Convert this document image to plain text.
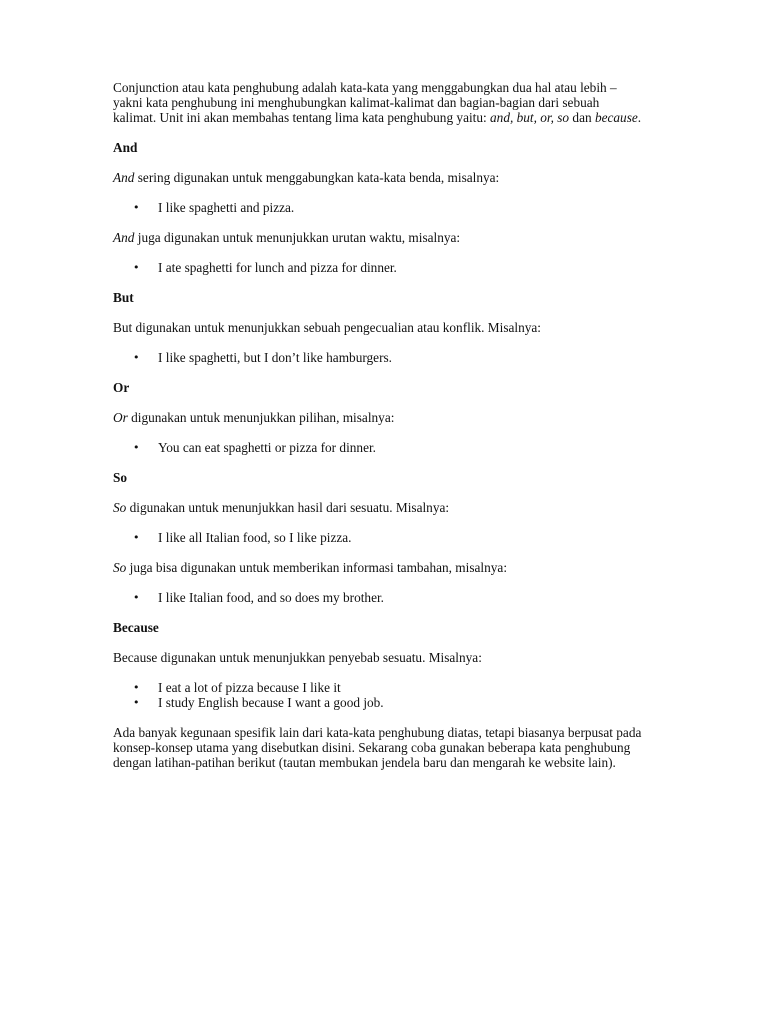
Conjunction atau kata penghubung adalah kata-kata yang menggabungkan dua hal atau lebih – yakni kata penghubung ini menghubungkan kalimat-kalimat dan bagian-bagian dari sebuah kalimat. Unit ini akan membahas tentang lima kata penghubung yaitu: and, but, or, so dan because.

And

And sering digunakan untuk menggabungkan kata-kata benda, misalnya:

• I like spaghetti and pizza.

And juga digunakan untuk menunjukkan urutan waktu, misalnya:

• I ate spaghetti for lunch and pizza for dinner.
But

But digunakan untuk menunjukkan sebuah pengecualian atau konflik. Misalnya:

• I like spaghetti, but I don’t like hamburgers.
Or

Or digunakan untuk menunjukkan pilihan, misalnya:

• You can eat spaghetti or pizza for dinner.
So

So digunakan untuk menunjukkan hasil dari sesuatu. Misalnya:

• I like all Italian food, so I like pizza.

So juga bisa digunakan untuk memberikan informasi tambahan, misalnya:

• I like Italian food, and so does my brother.
Because

Because digunakan untuk menunjukkan penyebab sesuatu. Misalnya:

• I eat a lot of pizza because I like it
• I study English because I want a good job.

Ada banyak kegunaan spesifik lain dari kata-kata penghubung diatas, tetapi biasanya berpusat pada konsep-konsep utama yang disebutkan disini. Sekarang coba gunakan beberapa kata penghubung dengan latihan-patihan berikut (tautan membukan jendela baru dan mengarah ke website lain).
